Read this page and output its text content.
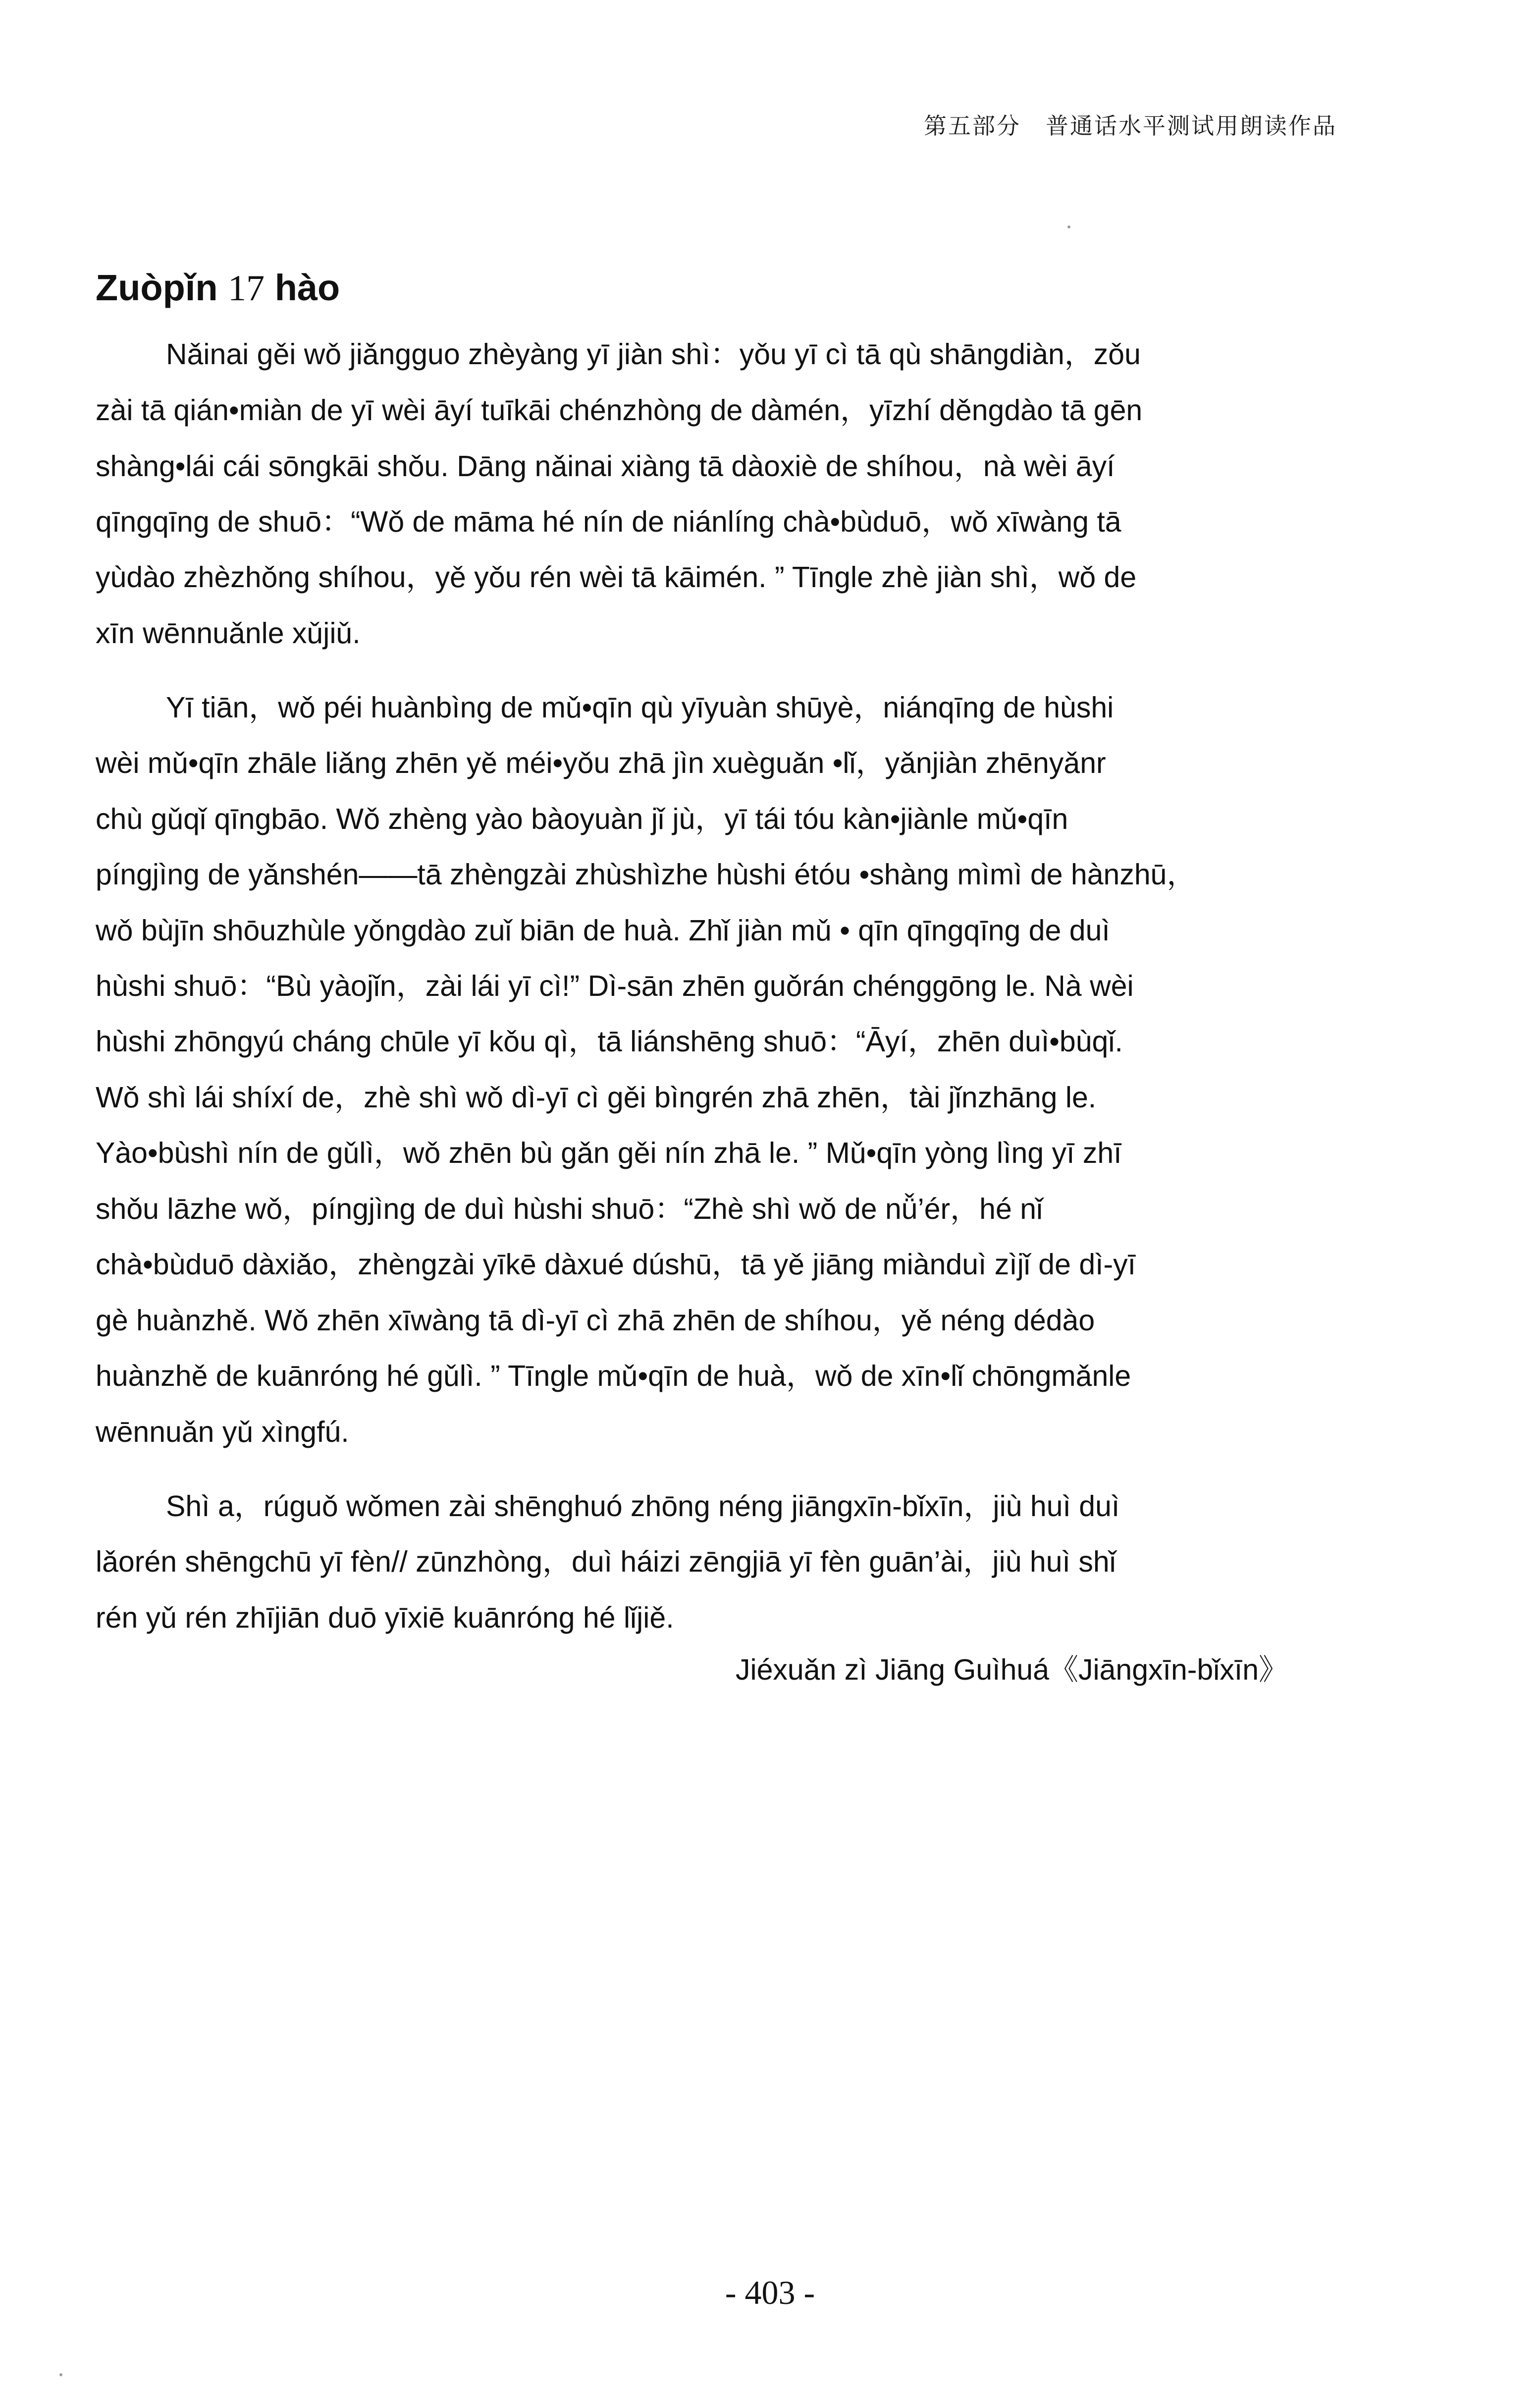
第五部分 普通话水平测试用朗读作品
Zuòpǐn 17 hào
Nǎinai gěi wǒ jiǎngguo zhèyàng yī jiàn shì：yǒu yī cì tā qù shāngdiàn，zǒu
zài tā qián•miàn de yī wèi āyí tuīkāi chénzhòng de dàmén，yīzhí děngdào tā gēn
shàng•lái cái sōngkāi shǒu. Dāng nǎinai xiàng tā dàoxiè de shíhou，nà wèi āyí
qīngqīng de shuō：“Wǒ de māma hé nín de niánlíng chà•bùduō，wǒ xīwàng tā
yùdào zhèzhǒng shíhou，yě yǒu rén wèi tā kāimén. ” Tīngle zhè jiàn shì，wǒ de
xīn wēnnuǎnle xǔjiǔ.
Yī tiān，wǒ péi huànbìng de mǔ•qīn qù yīyuàn shūyè，niánqīng de hùshi
wèi mǔ•qīn zhāle liǎng zhēn yě méi•yǒu zhā jìn xuèguǎn •lǐ，yǎnjiàn zhēnyǎnr
chù gǔqǐ qīngbāo. Wǒ zhèng yào bàoyuàn jǐ jù，yī tái tóu kàn•jiànle mǔ•qīn
píngjìng de yǎnshén——tā zhèngzài zhùshìzhe hùshi étóu •shàng mìmì de hànzhū，
wǒ bùjīn shōuzhùle yǒngdào zuǐ biān de huà. Zhǐ jiàn mǔ • qīn qīngqīng de duì
hùshi shuō：“Bù yàojǐn，zài lái yī cì!” Dì-sān zhēn guǒrán chénggōng le. Nà wèi
hùshi zhōngyú cháng chūle yī kǒu qì，tā liánshēng shuō：“Āyí，zhēn duì•bùqǐ.
Wǒ shì lái shíxí de，zhè shì wǒ dì-yī cì gěi bìngrén zhā zhēn，tài jǐnzhāng le.
Yào•bùshì nín de gǔlì，wǒ zhēn bù gǎn gěi nín zhā le. ” Mǔ•qīn yòng lìng yī zhī
shǒu lāzhe wǒ，píngjìng de duì hùshi shuō：“Zhè shì wǒ de nǚ’ér，hé nǐ
chà•bùduō dàxiǎo，zhèngzài yīkē dàxué dúshū，tā yě jiāng miànduì zìjǐ de dì-yī
gè huànzhě. Wǒ zhēn xīwàng tā dì-yī cì zhā zhēn de shíhou，yě néng dédào
huànzhě de kuānróng hé gǔlì. ” Tīngle mǔ•qīn de huà，wǒ de xīn•lǐ chōngmǎnle
wēnnuǎn yǔ xìngfú.
Shì a，rúguǒ wǒmen zài shēnghuó zhōng néng jiāngxīn-bǐxīn，jiù huì duì
lǎorén shēngchū yī fèn// zūnzhòng，duì háizi zēngjiā yī fèn guān’ài，jiù huì shǐ
rén yǔ rén zhījiān duō yīxiē kuānróng hé lǐjiě.
Jiéxuǎn zì Jiāng Guìhuá《Jiāngxīn-bǐxīn》
- 403 -
